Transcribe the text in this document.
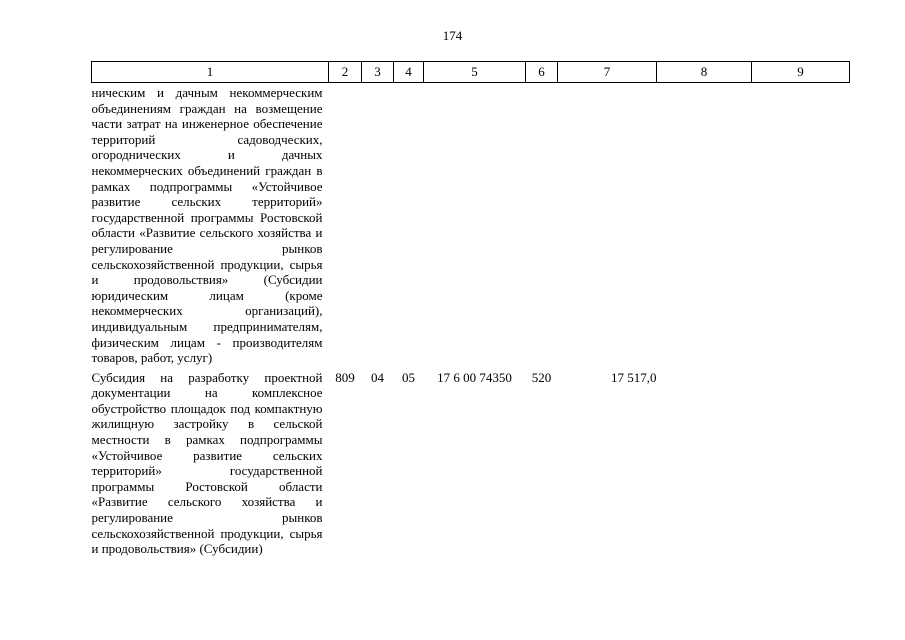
174
1	2	3	4	5	6	7	8	9
ническим и дачным некоммерческим объединениям граждан на возмещение части затрат на инженерное обеспечение территорий садоводческих, огороднических и дачных некоммерческих объединений граждан в рамках подпрограммы «Устойчивое развитие сельских территорий» государственной программы Ростовской области «Развитие сельского хозяйства и регулирование рынков сельскохозяйственной продукции, сырья и продовольствия» (Субсидии юридическим лицам (кроме некоммерческих организаций), индивидуальным предпринимателям, физическим лицам - производителям товаров, работ, услуг)								
Субсидия на разработку проектной документации на комплексное обустройство площадок под компактную жилищную застройку в сельской местности в рамках подпрограммы «Устойчивое развитие сельских территорий» государственной программы Ростовской области «Развитие сельского хозяйства и регулирование рынков сельскохозяйственной продукции, сырья и продовольствия» (Субсидии)	809	04	05	17 6 00 74350	520	17 517,0		
